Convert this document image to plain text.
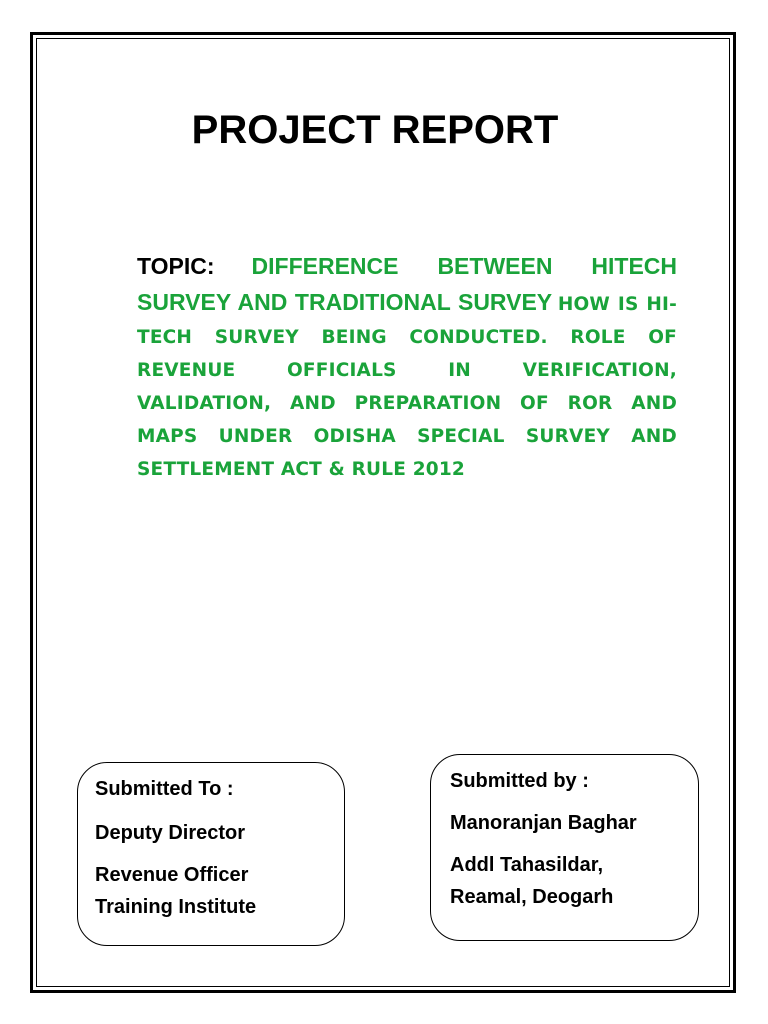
PROJECT REPORT

TOPIC: DIFFERENCE BETWEEN HITECH SURVEY AND TRADITIONAL SURVEY HOW IS HI-TECH SURVEY BEING CONDUCTED. ROLE OF REVENUE OFFICIALS IN VERIFICATION, VALIDATION, AND PREPARATION OF ROR AND MAPS UNDER ODISHA SPECIAL SURVEY AND SETTLEMENT ACT & RULE 2012

Submitted To :
Deputy Director
Revenue Officer
Training Institute
Submitted by :
Manoranjan Baghar
Addl Tahasildar,
Reamal, Deogarh
